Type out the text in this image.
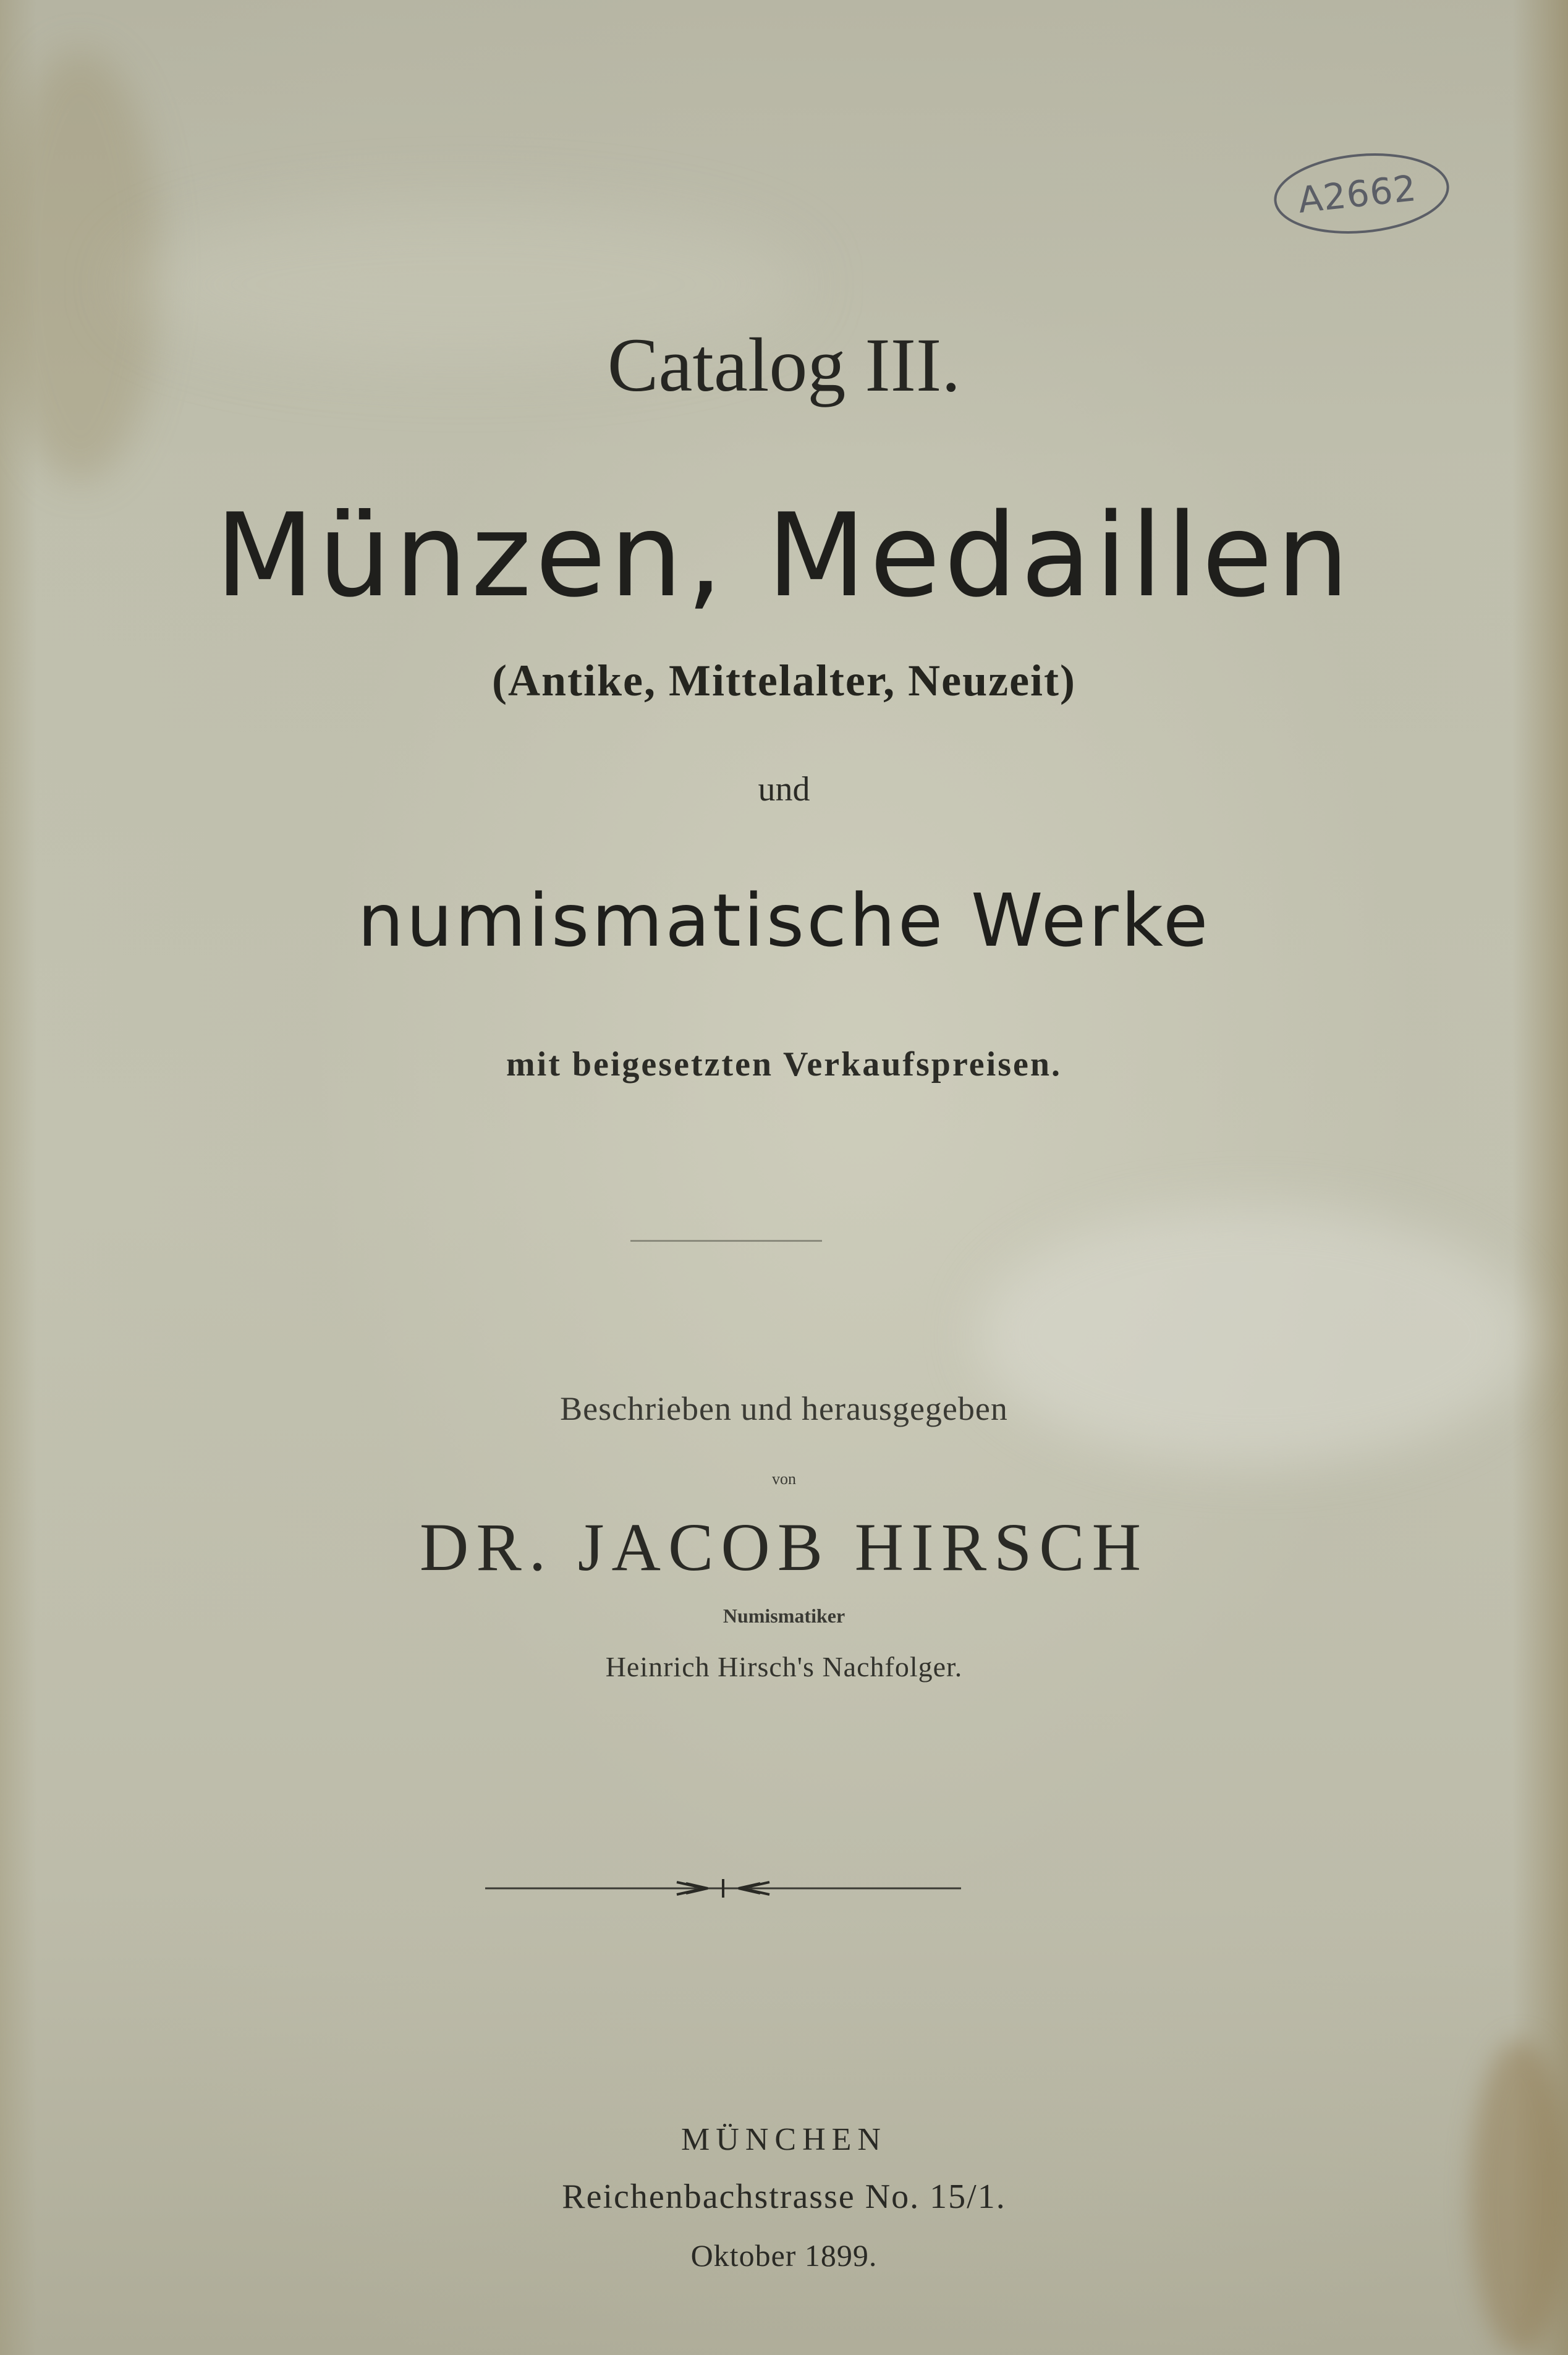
A2662
Catalog III.
Münzen, Medaillen
(Antike, Mittelalter, Neuzeit)
und
numismatische Werke
mit beigesetzten Verkaufspreisen.
Beschrieben und herausgegeben
von
DR. JACOB HIRSCH
Numismatiker
Heinrich Hirsch's Nachfolger.
MÜNCHEN
Reichenbachstrasse No. 15/1.
Oktober 1899.
